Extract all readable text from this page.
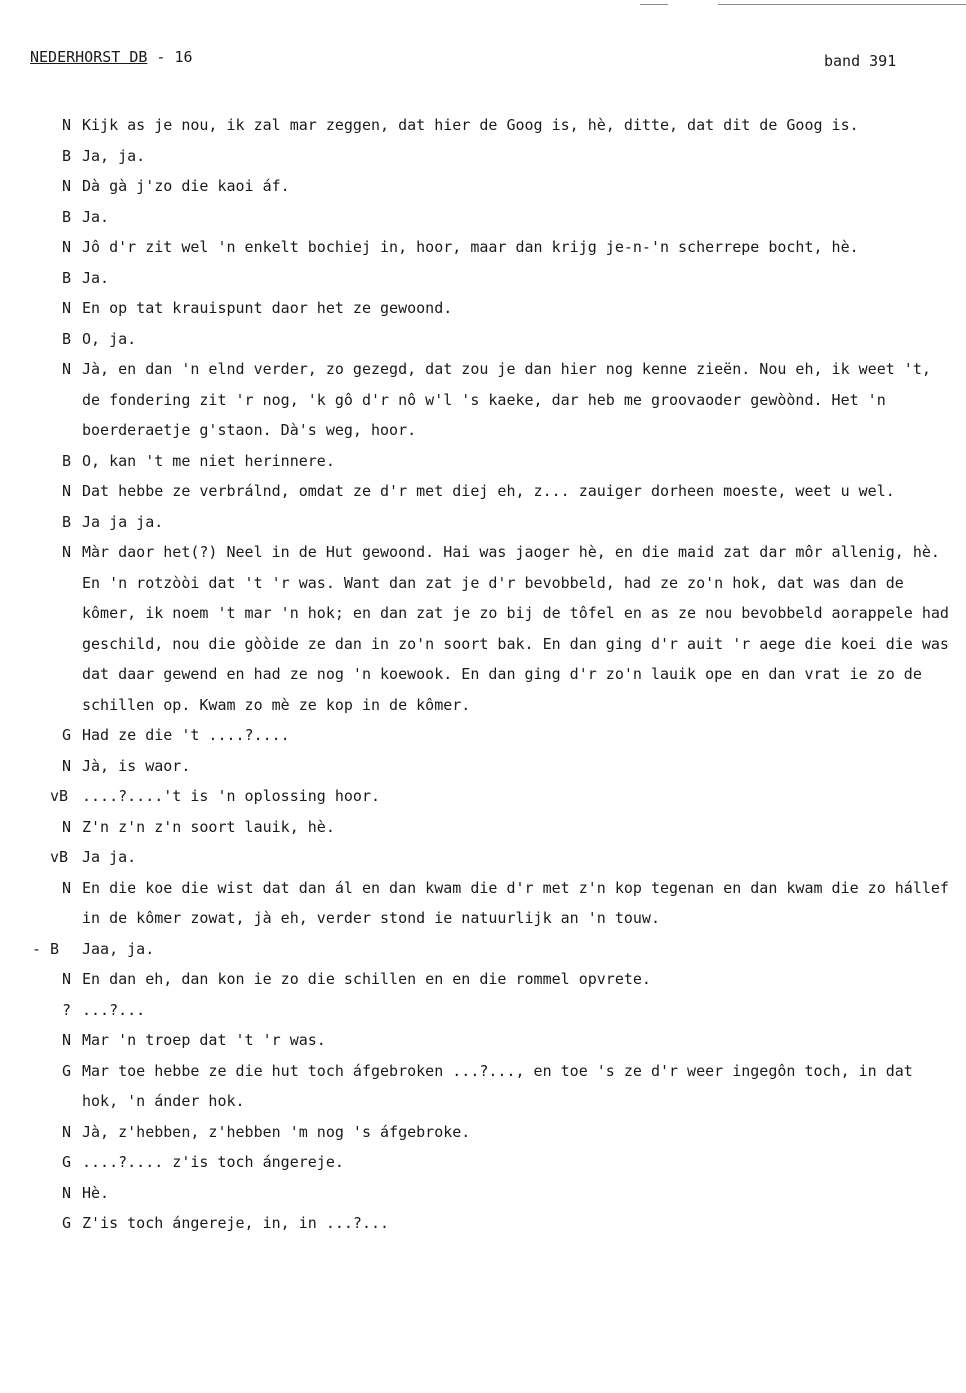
NEDERHORST DB - 16	band 391
N Kijk as je nou, ik zal mar zeggen, dat hier de Goog is, hè, ditte, dat dit de Goog is.
B Ja, ja.
N Dà gà j'zo die kaoi áf.
B Ja.
N Jô d'r zit wel 'n enkelt bochiej in, hoor, maar dan krijg je-n-'n scherrepe bocht, hè.
B Ja.
N En op tat krauispunt daor het ze gewoond.
B O, ja.
N Jà, en dan 'n elnd verder, zo gezegd, dat zou je dan hier nog kenne zieën. Nou eh, ik weet 't, de fondering zit 'r nog, 'k gô d'r nô w'l 's kaeke, dar heb me groovaoder gewòònd. Het 'n boerderaetje g'staon. Dà's weg, hoor.
B O, kan 't me niet herinnere.
N Dat hebbe ze verbrálnd, omdat ze d'r met diej eh, z... zauiger dorheen moeste, weet u wel.
B Ja ja ja.
N Màr daor het(?) Neel in de Hut gewoond. Hai was jaoger hè, en die maid zat dar môr allenig, hè. En 'n rotzòòi dat 't 'r was. Want dan zat je d'r bevobbeld, had ze zo'n hok, dat was dan de kômer, ik noem 't mar 'n hok; en dan zat je zo bij de tôfel en as ze nou bevobbeld aorappele had geschild, nou die gòòide ze dan in zo'n soort bak. En dan ging d'r auit 'r aege die koei die was dat daar gewend en had ze nog 'n koewook. En dan ging d'r zo'n lauik ope en dan vrat ie zo de schillen op. Kwam zo mè ze kop in de kômer.
G Had ze die 't ....?....
N Jà, is waor.
vB ....?....'t is 'n oplossing hoor.
N Z'n z'n z'n soort lauik, hè.
vB Ja ja.
N En die koe die wist dat dan ál en dan kwam die d'r met z'n kop tegenan en dan kwam die zo hállef in de kômer zowat, jà eh, verder stond ie natuurlijk an 'n touw.
- B Jaa, ja.
N En dan eh, dan kon ie zo die schillen en en die rommel opvrete.
? ...?...
N Mar 'n troep dat 't 'r was.
G Mar toe hebbe ze die hut toch áfgebroken ...?..., en toe 's ze d'r weer ingegôn toch, in dat hok, 'n ánder hok.
N Jà, z'hebben, z'hebben 'm nog 's áfgebroke.
G ....?.... z'is toch ángereje.
N Hè.
G Z'is toch ángereje, in, in ...?...
